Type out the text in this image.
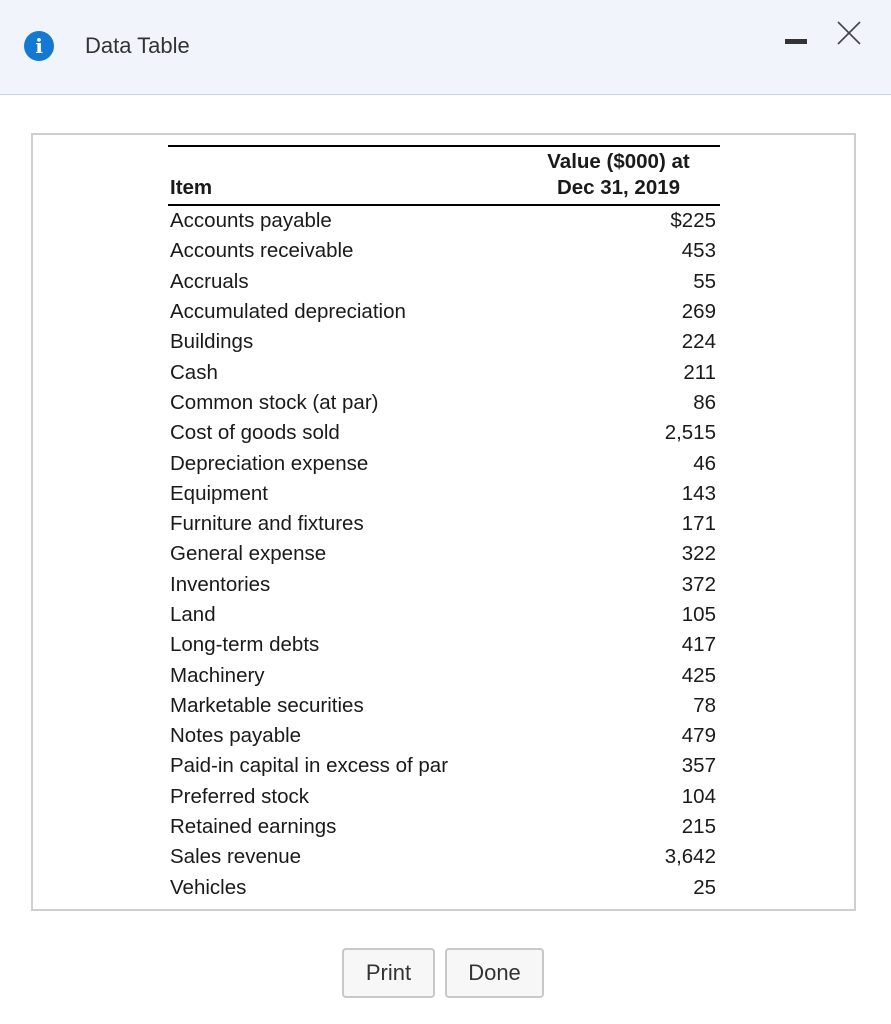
i	Data Table
Item	Value ($000) at
Dec 31, 2019
Accounts payable	$225
Accounts receivable	453
Accruals	55
Accumulated depreciation	269
Buildings	224
Cash	211
Common stock (at par)	86
Cost of goods sold	2,515
Depreciation expense	46
Equipment	143
Furniture and fixtures	171
General expense	322
Inventories	372
Land	105
Long-term debts	417
Machinery	425
Marketable securities	78
Notes payable	479
Paid-in capital in excess of par	357
Preferred stock	104
Retained earnings	215
Sales revenue	3,642
Vehicles	25
Print	Done
